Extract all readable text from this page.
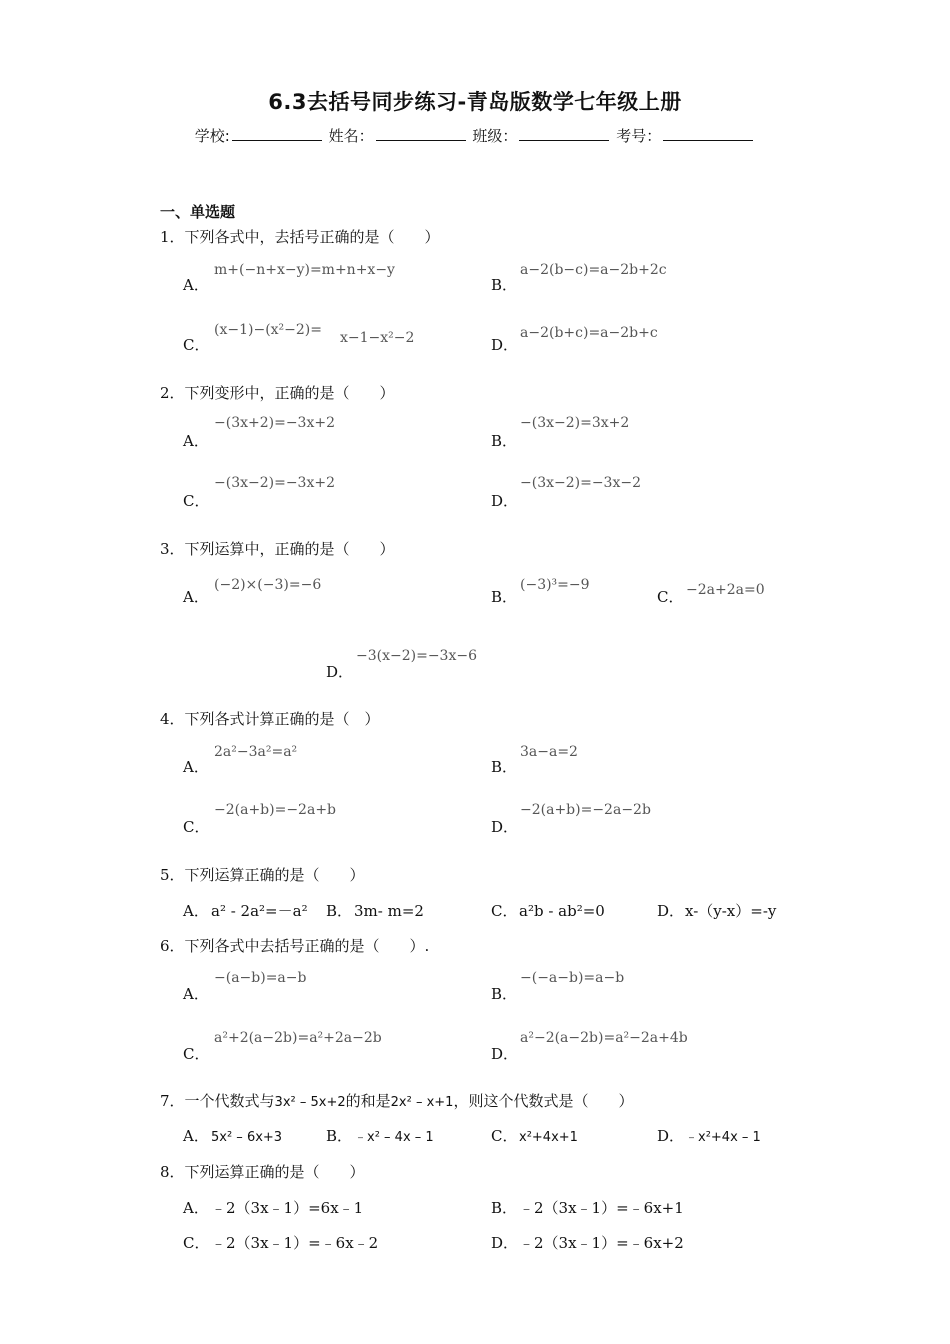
6.3去括号同步练习-青岛版数学七年级上册
学校:	姓名：	班级：	考号：
一、单选题
1．下列各式中，去括号正确的是（　　）
A．
m+(−n+x−y)=m+n+x−y
B．
a−2(b−c)=a−2b+2c
C．
(x−1)−(x²−2)= x−1−x²−2	D．
a−2(b+c)=a−2b+c
2．下列变形中，正确的是（　　）
A．
−(3x+2)=−3x+2
B．
−(3x−2)=3x+2
C．
−(3x−2)=−3x+2
D．
−(3x−2)=−3x−2
3．下列运算中，正确的是（　　）
A．
(−2)×(−3)=−6
B．
(−3)³=−9
C． −2a+2a=0
D．
−3(x−2)=−3x−6
4．下列各式计算正确的是（　）
A．
2a²−3a²=a²
B．
3a−a=2
C．
−2(a+b)=−2a+b
D．
−2(a+b)=−2a−2b
5．下列运算正确的是（　　）
A． a² - 2a²=－a² B． 3m- m=2	C． a²b - ab²=0	D．x-（y-x）=-y
6．下列各式中去括号正确的是（　　）.
A．
−(a−b)=a−b
B．
−(−a−b)=a−b
C．
a²+2(a−2b)=a²+2a−2b
D．
a²−2(a−2b)=a²−2a+4b
7．一个代数式与3x² – 5x+2的和是2x² – x+1，则这个代数式是（　　）
A． 5x² – 6x+3	B． ﹣x² – 4x – 1	C． x²+4x+1	D．﹣x²+4x – 1
8．下列运算正确的是（　　）
A． ﹣2（3x﹣1）=6x﹣1	B． ﹣2（3x﹣1）=﹣6x+1
C． ﹣2（3x﹣1）=﹣6x﹣2	D．﹣2（3x﹣1）=﹣6x+2
